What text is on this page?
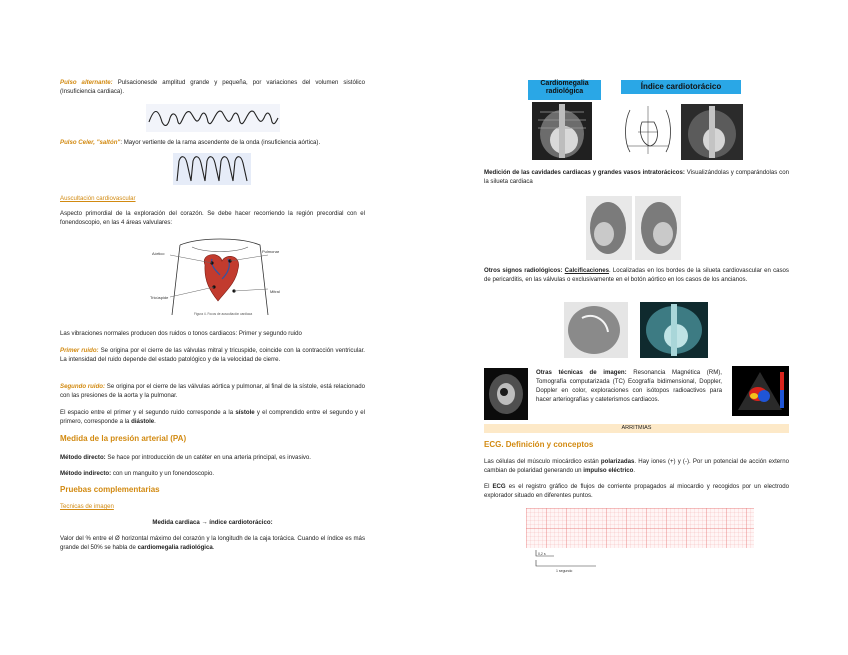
Pulso alternante: Pulsacionesde amplitud grande y pequeña, por variaciones del volumen sistólico (Insuficiencia cardiaca).

Pulso Celer, "saltón": Mayor vertiente de la rama ascendente de la onda (insuficiencia aórtica).

Auscultación cardiovascular

Aspecto primordial de la exploración del corazón. Se debe hacer recorriendo la región precordial con el fonendoscopio, en las 4 áreas valvulares:

Aórtico	Pulmonar
Tricúspide
Mitral
Figura 4. Focos de auscultación cardiaca

Las vibraciones normales producen dos ruidos o tonos cardiacos: Primer y segundo ruido

Primer ruido: Se origina por el cierre de las válvulas mitral y tricuspide, coincide con la contracción ventricular. La intensidad del ruido depende del estado patológico y de la velocidad de cierre.

Segundo ruido: Se origina por el cierre de las válvulas aórtica y pulmonar, al final de la sístole, está relacionado con las presiones de la aorta y la pulmonar.

El espacio entre el primer y el segundo ruido corresponde a la sístole y el comprendido entre el segundo y el primero, corresponde a la diástole.

Medida de la presión arterial (PA)

Método directo: Se hace por introducción de un catéter en una arteria principal, es invasivo.

Método indirecto: con un manguito y un fonendoscopio.

Pruebas complementarias

Tecnicas de imagen

Medida cardiaca → índice cardiotorácico:

Valor del % entre el Ø horizontal máximo del corazón y la longitudh de la caja torácica. Cuando el índice es más grande del 50% se habla de cardiomegalia radiológica.

Cardiomegalia radiológica
Índice cardiotorácico

Medición de las cavidades cardiacas y grandes vasos intratorácicos: Visualizándolas y comparándolas con la silueta cardiaca

Otros signos radiológicos: Calcificaciones. Localizadas en los bordes de la silueta cardiovascular en casos de pericarditis, en las válvulas o exclusivamente en el botón aórtico en los casos de los ancianos.

Otras técnicas de imagen: Resonancia Magnética (RM), Tomografía computarizada (TC) Ecografía bidimensional, Doppler, Doppler en color, exploraciones con isótopos radioactivos para hacer arteriografías y cateterismos cardiacos.

ARRITMIAS

ECG. Definición y conceptos

Las células del músculo miocárdico están polarizadas. Hay iones (+) y (-). Por un potencial de acción externo cambian de polaridad generando un impulso eléctrico.

El ECG es el registro gráfico de flujos de corriente propagados al miocardio y recogidos por un electrodo explorador situado en diferentes puntos.

0,2 s
1 segundo
